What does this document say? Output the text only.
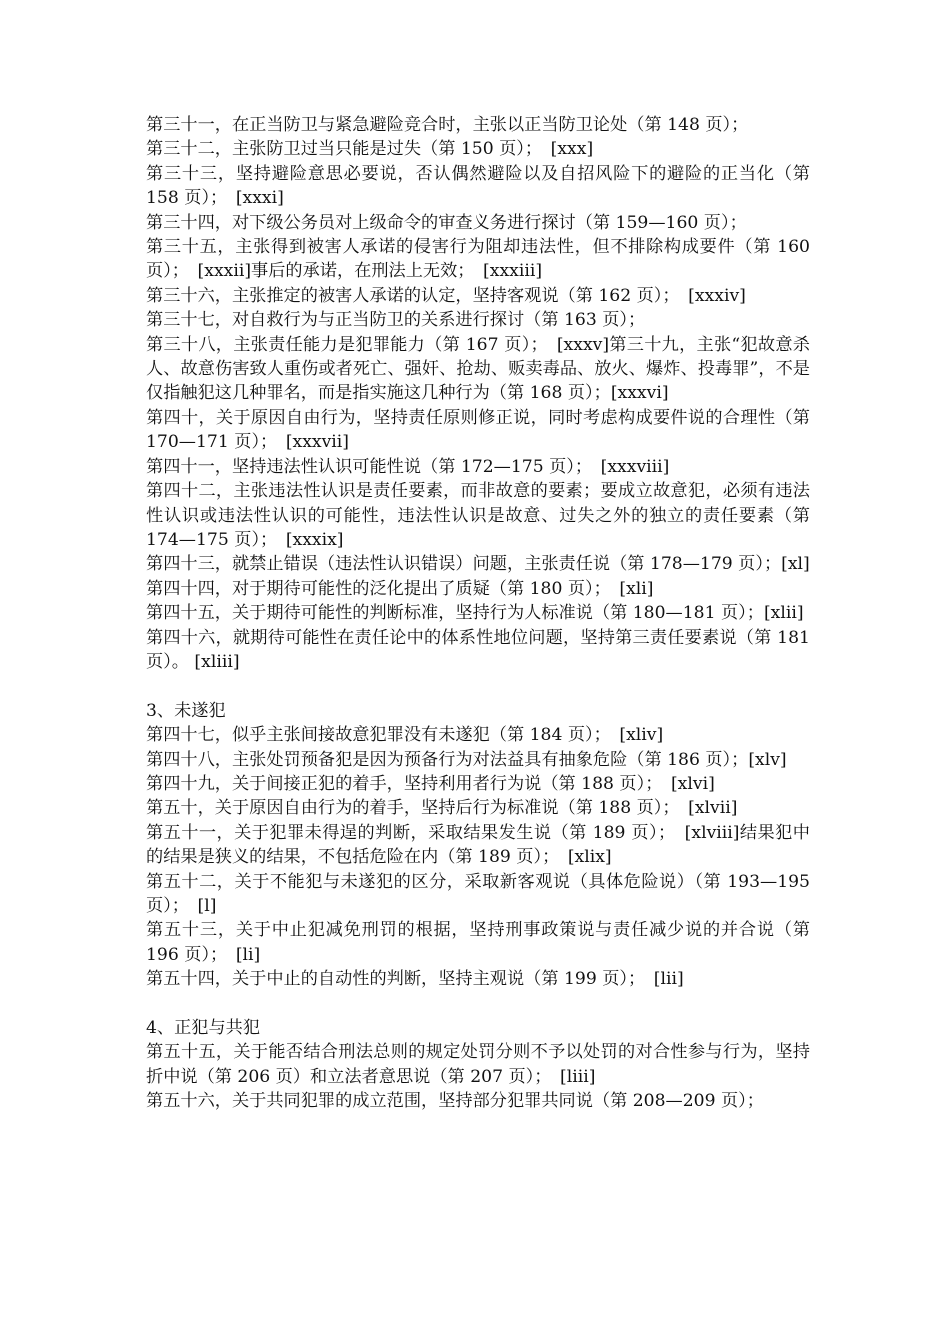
第三十一，在正当防卫与紧急避险竞合时，主张以正当防卫论处（第 148 页）；

第三十二，主张防卫过当只能是过失（第 150 页）；　[xxx]

第三十三，坚持避险意思必要说，否认偶然避险以及自招风险下的避险的正当化（第 158 页）；　[xxxi]

第三十四，对下级公务员对上级命令的审查义务进行探讨（第 159—160 页）；

第三十五，主张得到被害人承诺的侵害行为阻却违法性，但不排除构成要件（第 160 页）；　[xxxii]事后的承诺，在刑法上无效；　[xxxiii]

第三十六，主张推定的被害人承诺的认定，坚持客观说（第 162 页）；　[xxxiv]

第三十七，对自救行为与正当防卫的关系进行探讨（第 163 页）；

第三十八，主张责任能力是犯罪能力（第 167 页）；　[xxxv]第三十九，主张“犯故意杀人、故意伤害致人重伤或者死亡、强奸、抢劫、贩卖毒品、放火、爆炸、投毒罪”，不是仅指触犯这几种罪名，而是指实施这几种行为（第 168 页）；[xxxvi]

第四十，关于原因自由行为，坚持责任原则修正说，同时考虑构成要件说的合理性（第 170—171 页）；　[xxxvii]

第四十一，坚持违法性认识可能性说（第 172—175 页）；　[xxxviii]

第四十二，主张违法性认识是责任要素，而非故意的要素；要成立故意犯，必须有违法性认识或违法性认识的可能性，违法性认识是故意、过失之外的独立的责任要素（第 174—175 页）；　[xxxix]

第四十三，就禁止错误（违法性认识错误）问题，主张责任说（第 178—179 页）；[xl]

第四十四，对于期待可能性的泛化提出了质疑（第 180 页）；　[xli]

第四十五，关于期待可能性的判断标准，坚持行为人标准说（第 180—181 页）；[xlii]

第四十六，就期待可能性在责任论中的体系性地位问题，坚持第三责任要素说（第 181 页）。 [xliii]

3、未遂犯

第四十七，似乎主张间接故意犯罪没有未遂犯（第 184 页）；　[xliv]

第四十八，主张处罚预备犯是因为预备行为对法益具有抽象危险（第 186 页）；[xlv]

第四十九，关于间接正犯的着手，坚持利用者行为说（第 188 页）；　[xlvi]

第五十，关于原因自由行为的着手，坚持后行为标准说（第 188 页）；　[xlvii]

第五十一，关于犯罪未得逞的判断，采取结果发生说（第 189 页）；　[xlviii]结果犯中的结果是狭义的结果，不包括危险在内（第 189 页）；　[xlix]

第五十二，关于不能犯与未遂犯的区分，采取新客观说（具体危险说）（第 193—195 页）；　[l]

第五十三，关于中止犯减免刑罚的根据，坚持刑事政策说与责任减少说的并合说（第 196 页）；　[li]

第五十四，关于中止的自动性的判断，坚持主观说（第 199 页）；　[lii]

4、正犯与共犯

第五十五，关于能否结合刑法总则的规定处罚分则不予以处罚的对合性参与行为，坚持折中说（第 206 页）和立法者意思说（第 207 页）；　[liii]

第五十六，关于共同犯罪的成立范围，坚持部分犯罪共同说（第 208—209 页）；
